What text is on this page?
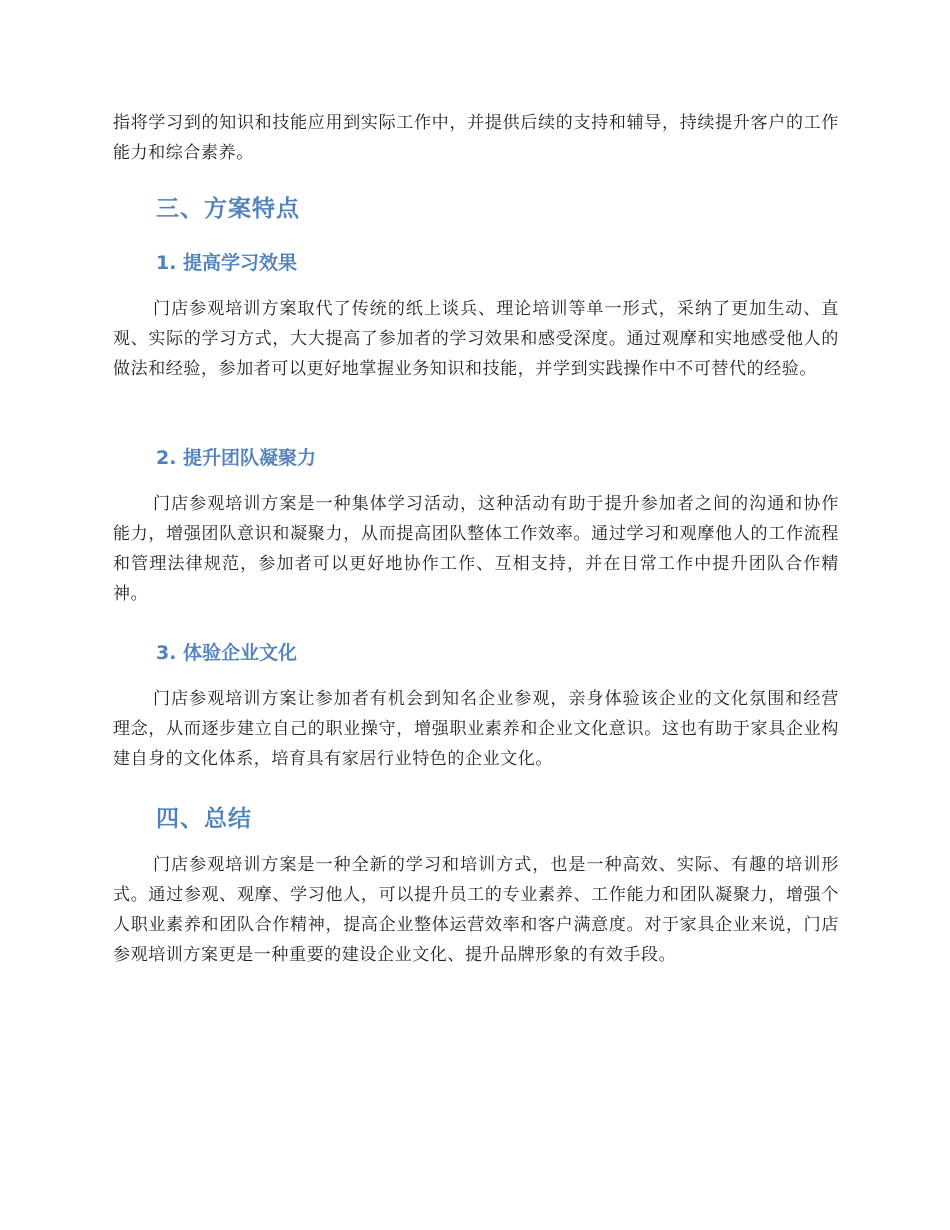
指将学习到的知识和技能应用到实际工作中，并提供后续的支持和辅导，持续提升客户的工作能力和综合素养。

三、方案特点
1. 提高学习效果

门店参观培训方案取代了传统的纸上谈兵、理论培训等单一形式，采纳了更加生动、直观、实际的学习方式，大大提高了参加者的学习效果和感受深度。通过观摩和实地感受他人的做法和经验，参加者可以更好地掌握业务知识和技能，并学到实践操作中不可替代的经验。

2. 提升团队凝聚力

门店参观培训方案是一种集体学习活动，这种活动有助于提升参加者之间的沟通和协作能力，增强团队意识和凝聚力，从而提高团队整体工作效率。通过学习和观摩他人的工作流程和管理法律规范，参加者可以更好地协作工作、互相支持，并在日常工作中提升团队合作精神。

3. 体验企业文化

门店参观培训方案让参加者有机会到知名企业参观，亲身体验该企业的文化氛围和经营理念，从而逐步建立自己的职业操守，增强职业素养和企业文化意识。这也有助于家具企业构建自身的文化体系，培育具有家居行业特色的企业文化。

四、总结

门店参观培训方案是一种全新的学习和培训方式，也是一种高效、实际、有趣的培训形式。通过参观、观摩、学习他人，可以提升员工的专业素养、工作能力和团队凝聚力，增强个人职业素养和团队合作精神，提高企业整体运营效率和客户满意度。对于家具企业来说，门店参观培训方案更是一种重要的建设企业文化、提升品牌形象的有效手段。
